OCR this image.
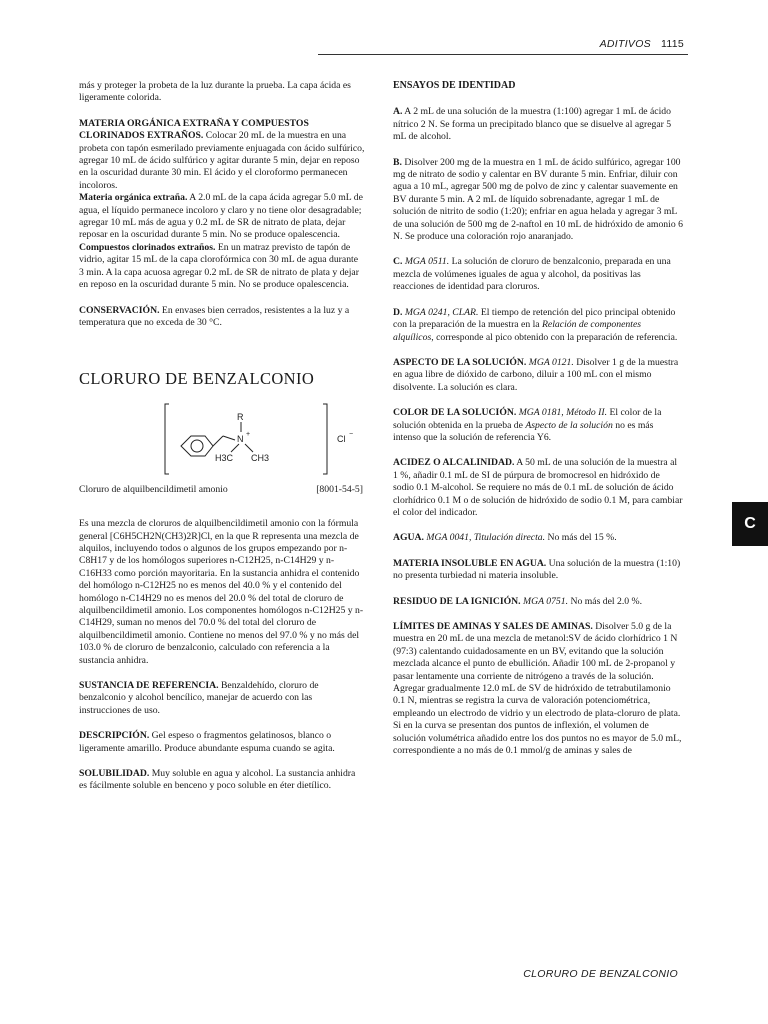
ADITIVOS 1115

más y proteger la probeta de la luz durante la prueba. La capa ácida es ligeramente colorida.

MATERIA ORGÁNICA EXTRAÑA Y COMPUESTOS CLORINADOS EXTRAÑOS. Colocar 20 mL de la muestra en una probeta con tapón esmerilado previamente enjuagada con ácido sulfúrico, agregar 10 mL de ácido sulfúrico y agitar durante 5 min, dejar en reposo en la oscuridad durante 30 min. El ácido y el cloroformo permanecen incoloros.

Materia orgánica extraña. A 2.0 mL de la capa ácida agregar 5.0 mL de agua, el líquido permanece incoloro y claro y no tiene olor desagradable; agregar 10 mL más de agua y 0.2 mL de SR de nitrato de plata, dejar reposar en la oscuridad durante 5 min. No se produce opalescencia.

Compuestos clorinados extraños. En un matraz previsto de tapón de vidrio, agitar 15 mL de la capa clorofórmica con 30 mL de agua durante 3 min. A la capa acuosa agregar 0.2 mL de SR de nitrato de plata y dejar en reposo en la oscuridad durante 5 min. No se produce opalescencia.

CONSERVACIÓN. En envases bien cerrados, resistentes a la luz y a temperatura que no exceda de 30 °C.

CLORURO DE BENZALCONIO
R
N +
H3C CH3
Cl −
Cloruro de alquilbencildimetil amonio	[8001-54-5]

Es una mezcla de cloruros de alquilbencildimetil amonio con la fórmula general [C6H5CH2N(CH3)2R]Cl, en la que R representa una mezcla de alquilos, incluyendo todos o algunos de los grupos empezando por n-C8H17 y de los homólogos superiores n-C12H25, n-C14H29 y n-C16H33 como porción mayoritaria. En la sustancia anhidra el contenido del homólogo n-C12H25 no es menos del 40.0 % y el contenido del homólogo n-C14H29 no es menos del 20.0 % del total de cloruro de alquilbencildimetil amonio. Los componentes homólogos n-C12H25 y n-C14H29, suman no menos del 70.0 % del total del cloruro de alquilbencildimetil amonio. Contiene no menos del 97.0 % y no más del 103.0 % de cloruro de benzalconio, calculado con referencia a la sustancia anhidra.

SUSTANCIA DE REFERENCIA. Benzaldehído, cloruro de benzalconio y alcohol bencílico, manejar de acuerdo con las instrucciones de uso.

DESCRIPCIÓN. Gel espeso o fragmentos gelatinosos, blanco o ligeramente amarillo. Produce abundante espuma cuando se agita.

SOLUBILIDAD. Muy soluble en agua y alcohol. La sustancia anhidra es fácilmente soluble en benceno y poco soluble en éter dietílico.

ENSAYOS DE IDENTIDAD

A. A 2 mL de una solución de la muestra (1:100) agregar 1 mL de ácido nítrico 2 N. Se forma un precipitado blanco que se disuelve al agregar 5 mL de alcohol.

B. Disolver 200 mg de la muestra en 1 mL de ácido sulfúrico, agregar 100 mg de nitrato de sodio y calentar en BV durante 5 min. Enfriar, diluir con agua a 10 mL, agregar 500 mg de polvo de zinc y calentar suavemente en BV durante 5 min. A 2 mL de líquido sobrenadante, agregar 1 mL de solución de nitrito de sodio (1:20); enfriar en agua helada y agregar 3 mL de una solución de 500 mg de 2-naftol en 10 mL de hidróxido de amonio 6 N. Se produce una coloración rojo anaranjado.

C. MGA 0511. La solución de cloruro de benzalconio, preparada en una mezcla de volúmenes iguales de agua y alcohol, da positivas las reacciones de identidad para cloruros.

D. MGA 0241, CLAR. El tiempo de retención del pico principal obtenido con la preparación de la muestra en la Relación de componentes alquílicos, corresponde al pico obtenido con la preparación de referencia.

ASPECTO DE LA SOLUCIÓN. MGA 0121. Disolver 1 g de la muestra en agua libre de dióxido de carbono, diluir a 100 mL con el mismo disolvente. La solución es clara.

COLOR DE LA SOLUCIÓN. MGA 0181, Método II. El color de la solución obtenida en la prueba de Aspecto de la solución no es más intenso que la solución de referencia Y6.

ACIDEZ O ALCALINIDAD. A 50 mL de una solución de la muestra al 1 %, añadir 0.1 mL de SI de púrpura de bromocresol en hidróxido de sodio 0.1 M-alcohol. Se requiere no más de 0.1 mL de solución de ácido clorhídrico 0.1 M o de solución de hidróxido de sodio 0.1 M, para cambiar el color del indicador.

AGUA. MGA 0041, Titulación directa. No más del 15 %.

MATERIA INSOLUBLE EN AGUA. Una solución de la muestra (1:10) no presenta turbiedad ni materia insoluble.

RESIDUO DE LA IGNICIÓN. MGA 0751. No más del 2.0 %.

LÍMITES DE AMINAS Y SALES DE AMINAS. Disolver 5.0 g de la muestra en 20 mL de una mezcla de metanol:SV de ácido clorhídrico 1 N (97:3) calentando cuidadosamente en un BV, evitando que la solución mezclada alcance el punto de ebullición. Añadir 100 mL de 2-propanol y pasar lentamente una corriente de nitrógeno a través de la solución. Agregar gradualmente 12.0 mL de SV de hidróxido de tetrabutilamonio 0.1 N, mientras se registra la curva de valoración potenciométrica, empleando un electrodo de vidrio y un electrodo de plata-cloruro de plata. Si en la curva se presentan dos puntos de inflexión, el volumen de solución volumétrica añadido entre los dos puntos no es mayor de 5.0 mL, correspondiente a no más de 0.1 mmol/g de aminas y sales de

C
CLORURO DE BENZALCONIO
